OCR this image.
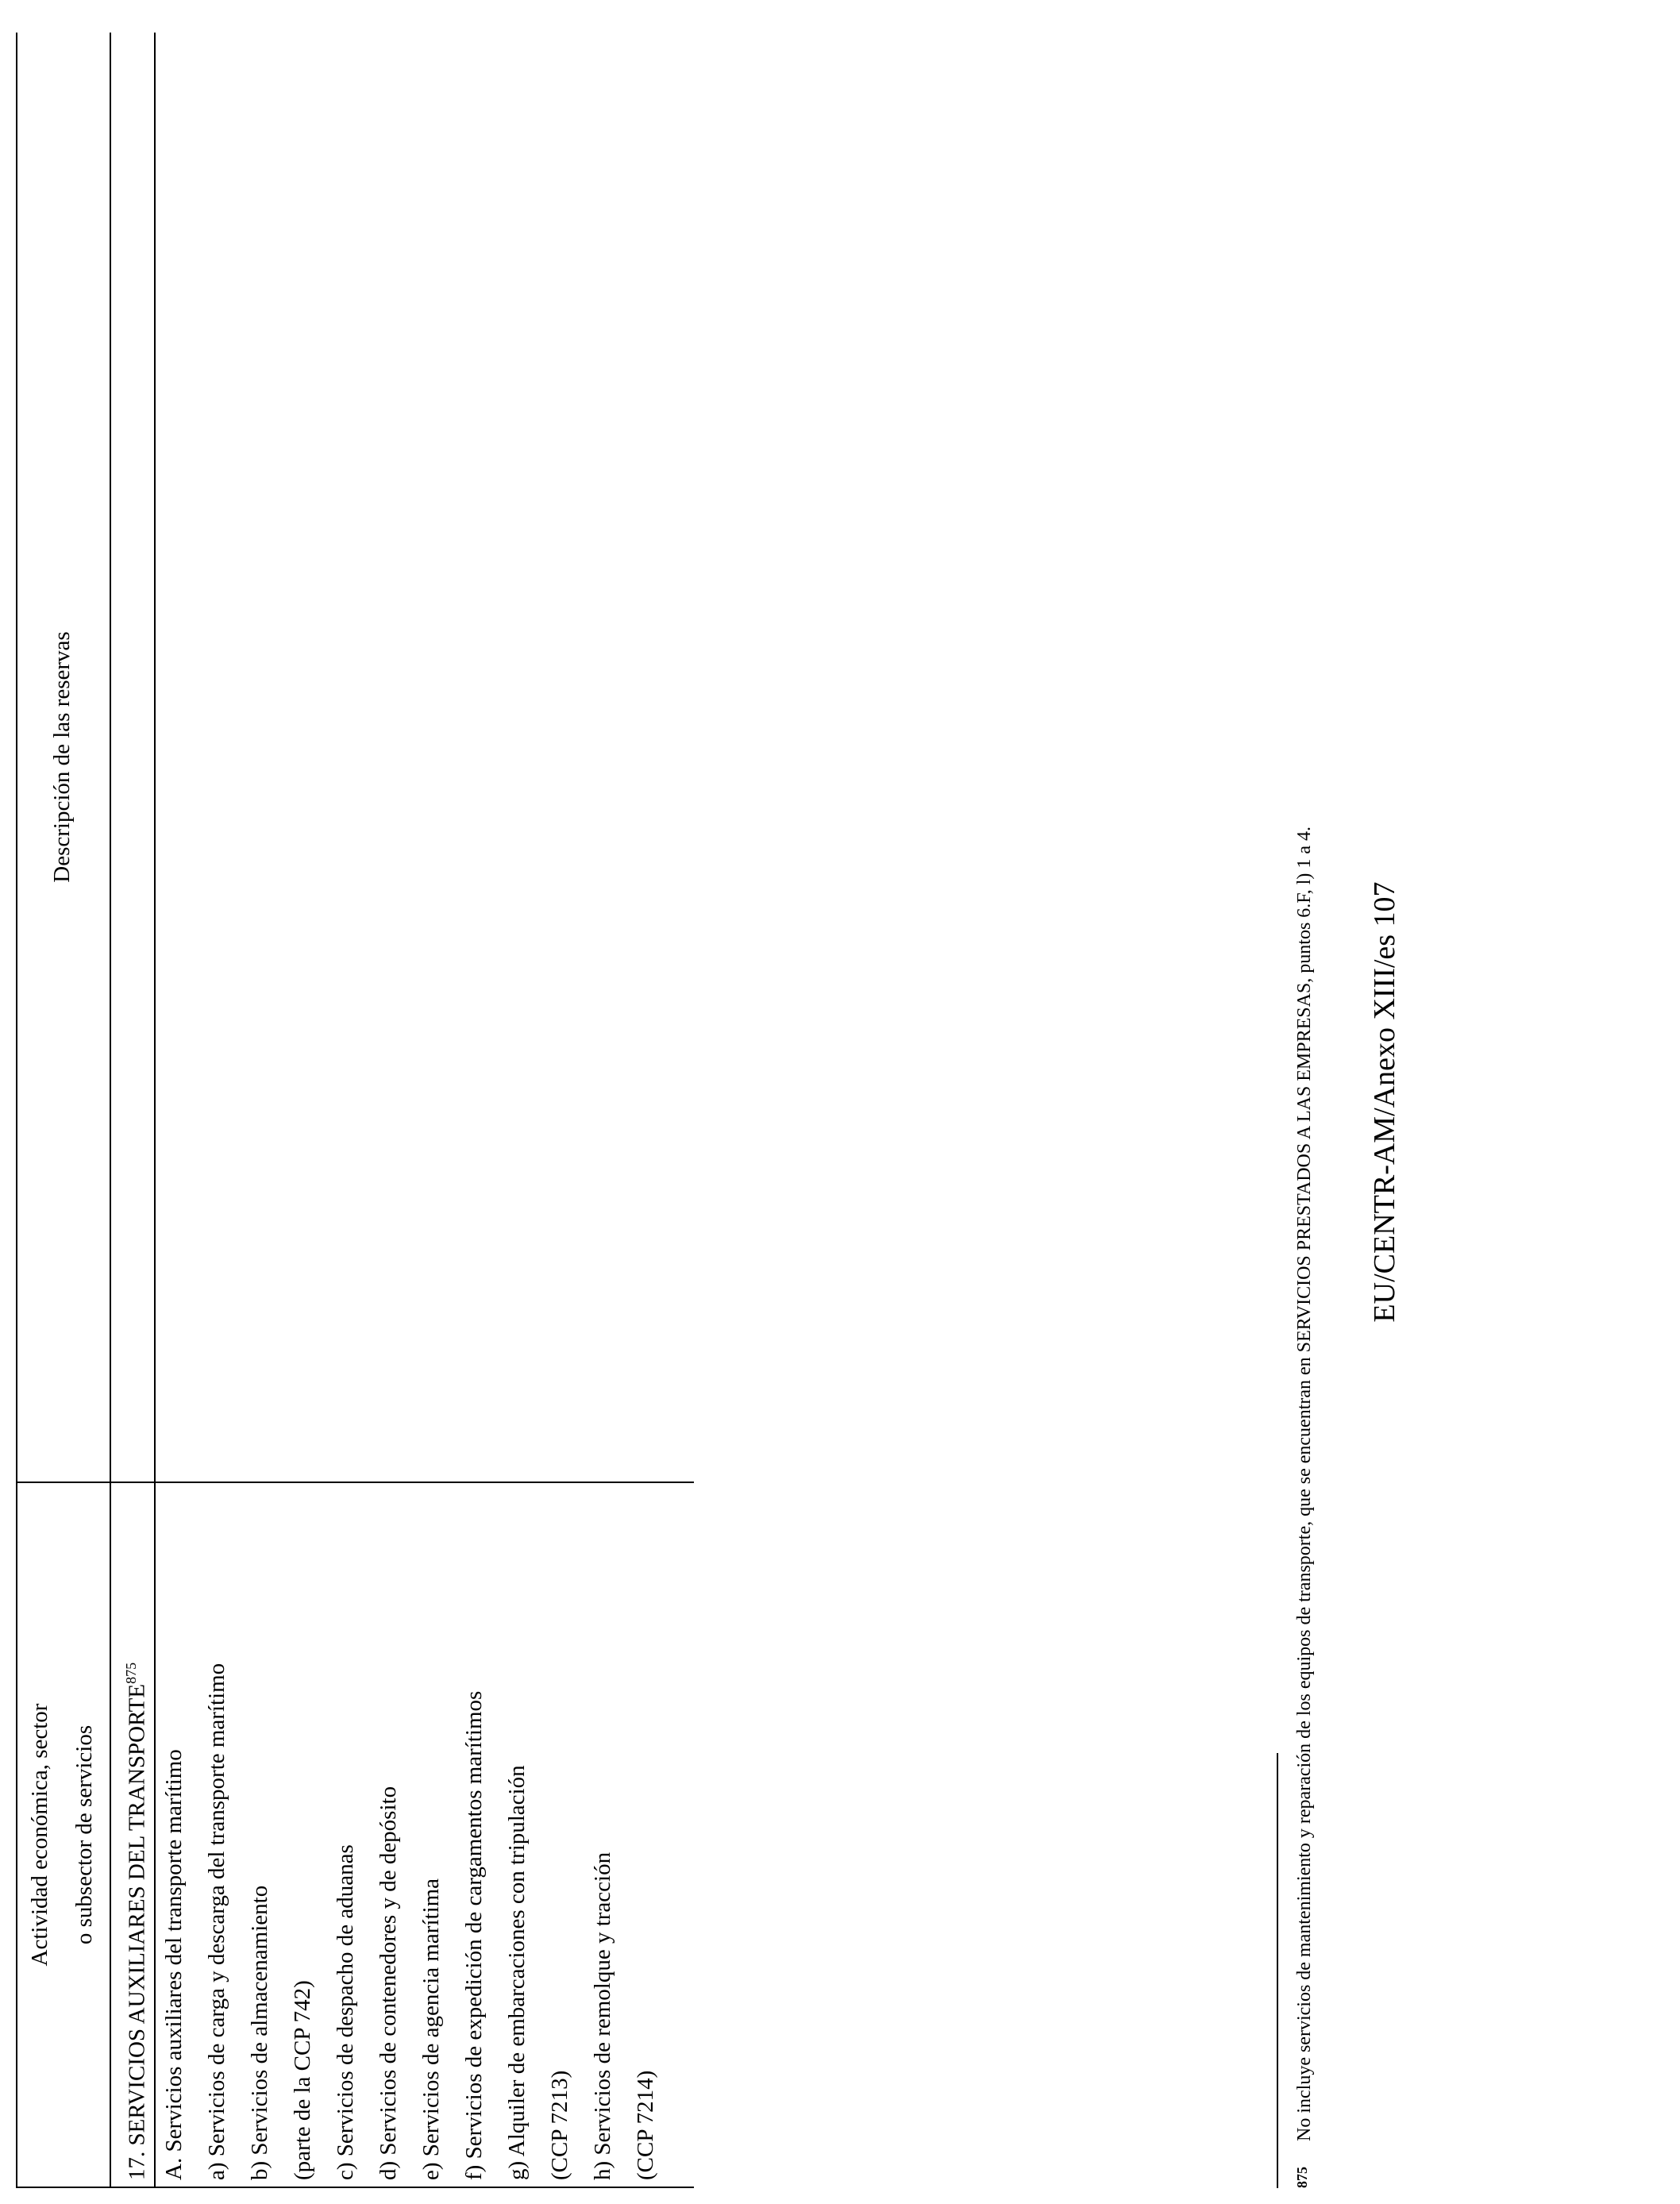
Actividad económica, sector o subsector de servicios
Descripción de las reservas
17. SERVICIOS AUXILIARES DEL TRANSPORTE$^{875}$
A. Servicios auxiliares del transporte marítimo a) Servicios de carga y descarga del transporte marítimo b) Servicios de almacenamiento (parte de la CCP 742) c) Servicios de despacho de aduanas d) Servicios de contenedores y de depósito e) Servicios de agencia marítima f) Servicios de expedición de cargamentos marítimos g) Alquiler de embarcaciones con tripulación (CCP 7213) h) Servicios de remolque y tracción (CCP 7214)	$^{875}$No incluye servicios de mantenimiento y reparación de los equipos de transporte, que se encuentran en SERVICIOS PRESTADOS A LAS EMPRESAS, puntos 6.F, l) 1 a 4. EU/CENTR-AM/Anexo XIII/es 107
